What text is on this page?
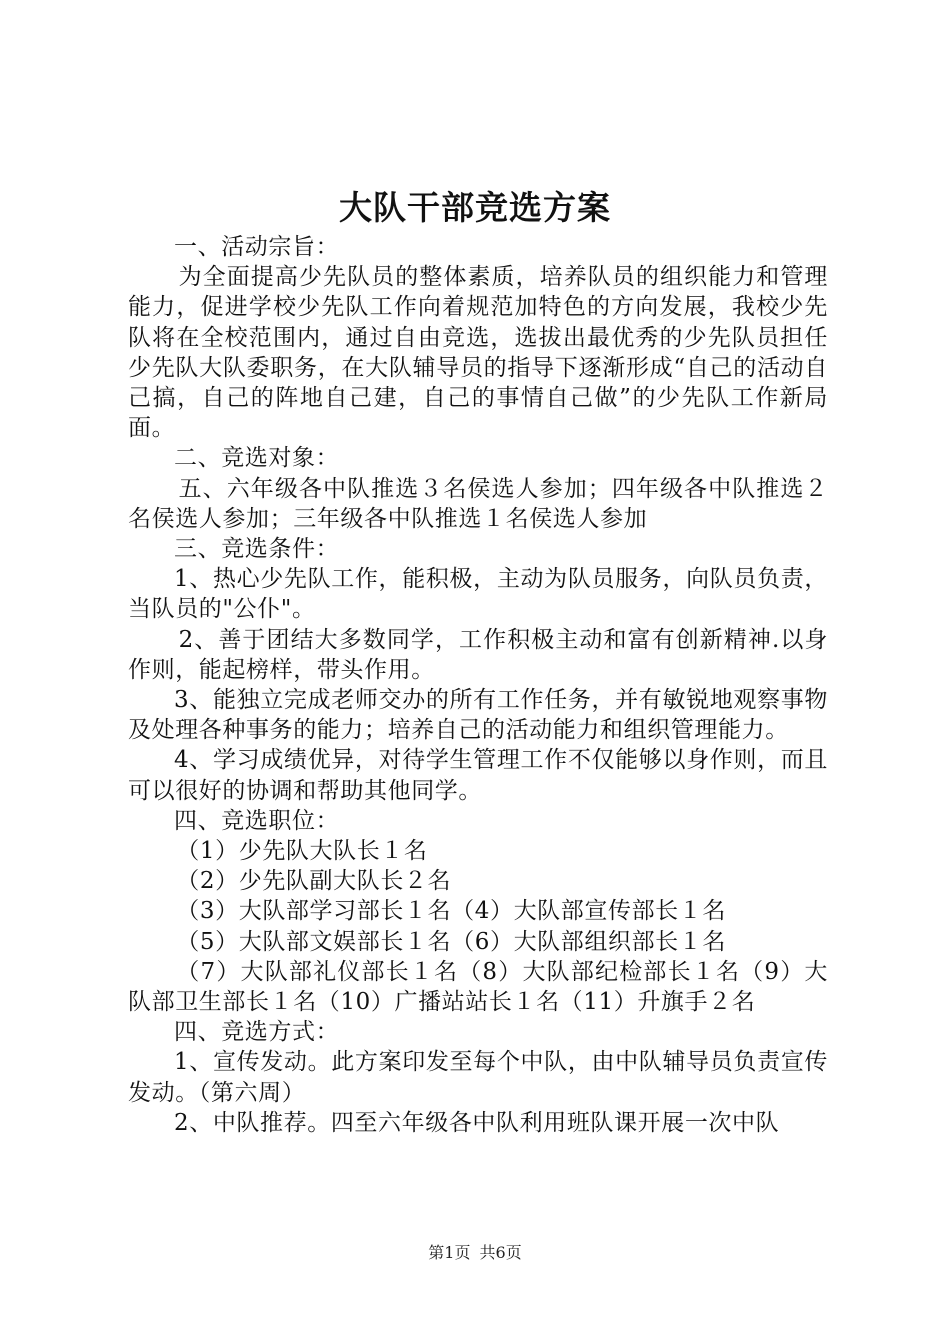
大队干部竞选方案

一、活动宗旨：

为全面提高少先队员的整体素质，培养队员的组织能力和管理能力，促进学校少先队工作向着规范加特色的方向发展，我校少先队将在全校范围内，通过自由竞选，选拔出最优秀的少先队员担任少先队大队委职务，在大队辅导员的指导下逐渐形成“自己的活动自己搞，自己的阵地自己建，自己的事情自己做”的少先队工作新局面。

二、竞选对象：

五、六年级各中队推选３名侯选人参加；四年级各中队推选２名侯选人参加；三年级各中队推选１名侯选人参加

三、竞选条件：

1、热心少先队工作，能积极，主动为队员服务，向队员负责，当队员的"公仆"。

2、善于团结大多数同学，工作积极主动和富有创新精神.以身作则，能起榜样，带头作用。

3、能独立完成老师交办的所有工作任务，并有敏锐地观察事物及处理各种事务的能力；培养自己的活动能力和组织管理能力。

4、学习成绩优异，对待学生管理工作不仅能够以身作则，而且可以很好的协调和帮助其他同学。

四、竞选职位：

（1）少先队大队长１名

（2）少先队副大队长２名

（3）大队部学习部长１名（4）大队部宣传部长１名

（5）大队部文娱部长１名（6）大队部组织部长１名

（7）大队部礼仪部长１名（8）大队部纪检部长１名（9）大队部卫生部长１名（10）广播站站长１名（11）升旗手２名

四、竞选方式：

1、宣传发动。此方案印发至每个中队，由中队辅导员负责宣传发动。（第六周）

2、中队推荐。四至六年级各中队利用班队课开展一次中队

第1页 共6页
